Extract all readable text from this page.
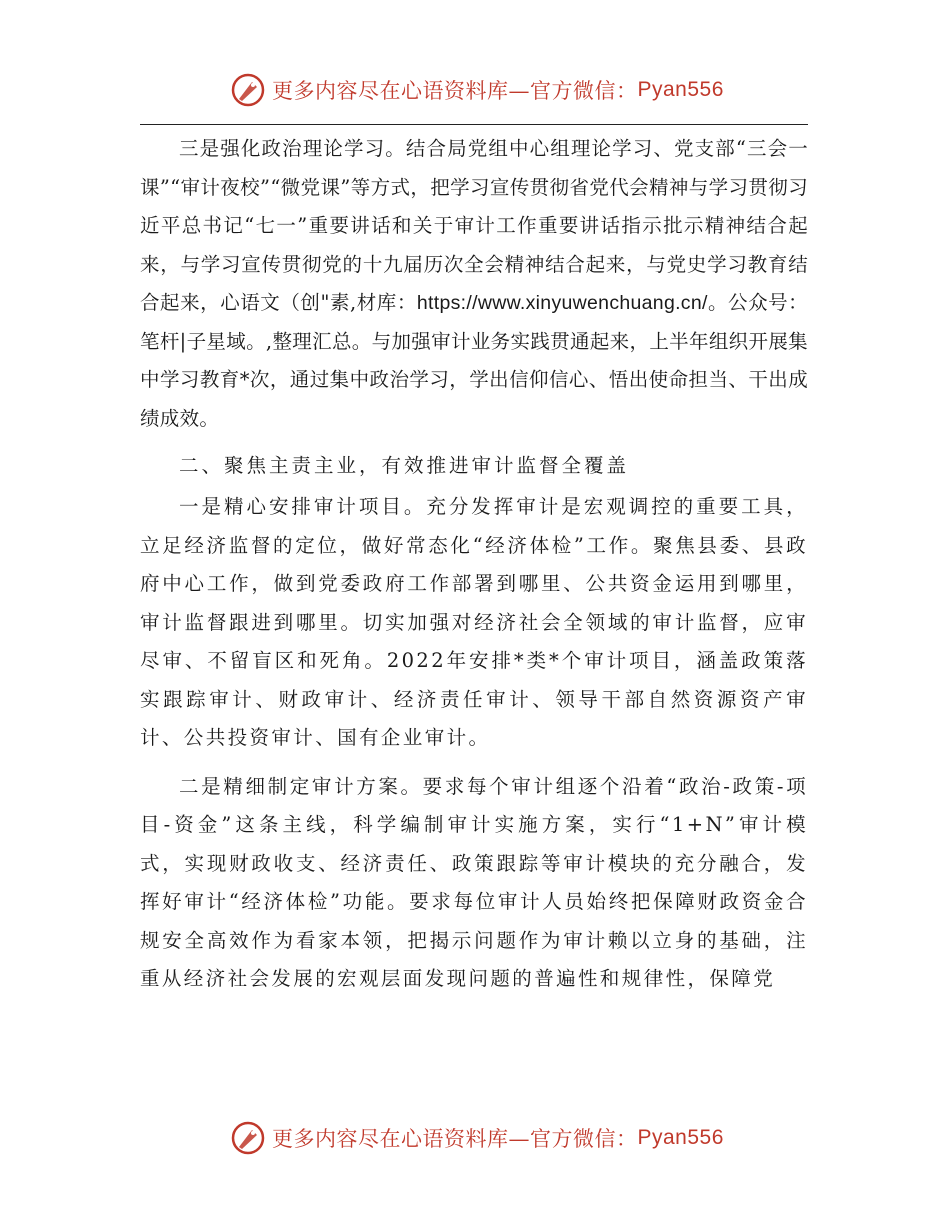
更多内容尽在心语资料库—官方微信： Pyan556

三是强化政治理论学习。结合局党组中心组理论学习、党支部“三会一课”“审计夜校”“微党课”等方式，把学习宣传贯彻省党代会精神与学习贯彻习近平总书记“七一”重要讲话和关于审计工作重要讲话指示批示精神结合起来，与学习宣传贯彻党的十九届历次全会精神结合起来，与党史学习教育结合起来，心语文（创"素,材库：https://www.xinyuwenchuang.cn/。公众号：笔杆|子星域。,整理汇总。与加强审计业务实践贯通起来，上半年组织开展集中学习教育*次，通过集中政治学习，学出信仰信心、悟出使命担当、干出成绩成效。

二、聚焦主责主业，有效推进审计监督全覆盖

一是精心安排审计项目。充分发挥审计是宏观调控的重要工具，立足经济监督的定位，做好常态化“经济体检”工作。聚焦县委、县政府中心工作，做到党委政府工作部署到哪里、公共资金运用到哪里，审计监督跟进到哪里。切实加强对经济社会全领域的审计监督，应审尽审、不留盲区和死角。2022年安排*类*个审计项目，涵盖政策落实跟踪审计、财政审计、经济责任审计、领导干部自然资源资产审计、公共投资审计、国有企业审计。

二是精细制定审计方案。要求每个审计组逐个沿着“政治-政策-项目-资金”这条主线，科学编制审计实施方案，实行“1+N”审计模式，实现财政收支、经济责任、政策跟踪等审计模块的充分融合，发挥好审计“经济体检”功能。要求每位审计人员始终把保障财政资金合规安全高效作为看家本领，把揭示问题作为审计赖以立身的基础，注重从经济社会发展的宏观层面发现问题的普遍性和规律性，保障党

更多内容尽在心语资料库—官方微信： Pyan556
